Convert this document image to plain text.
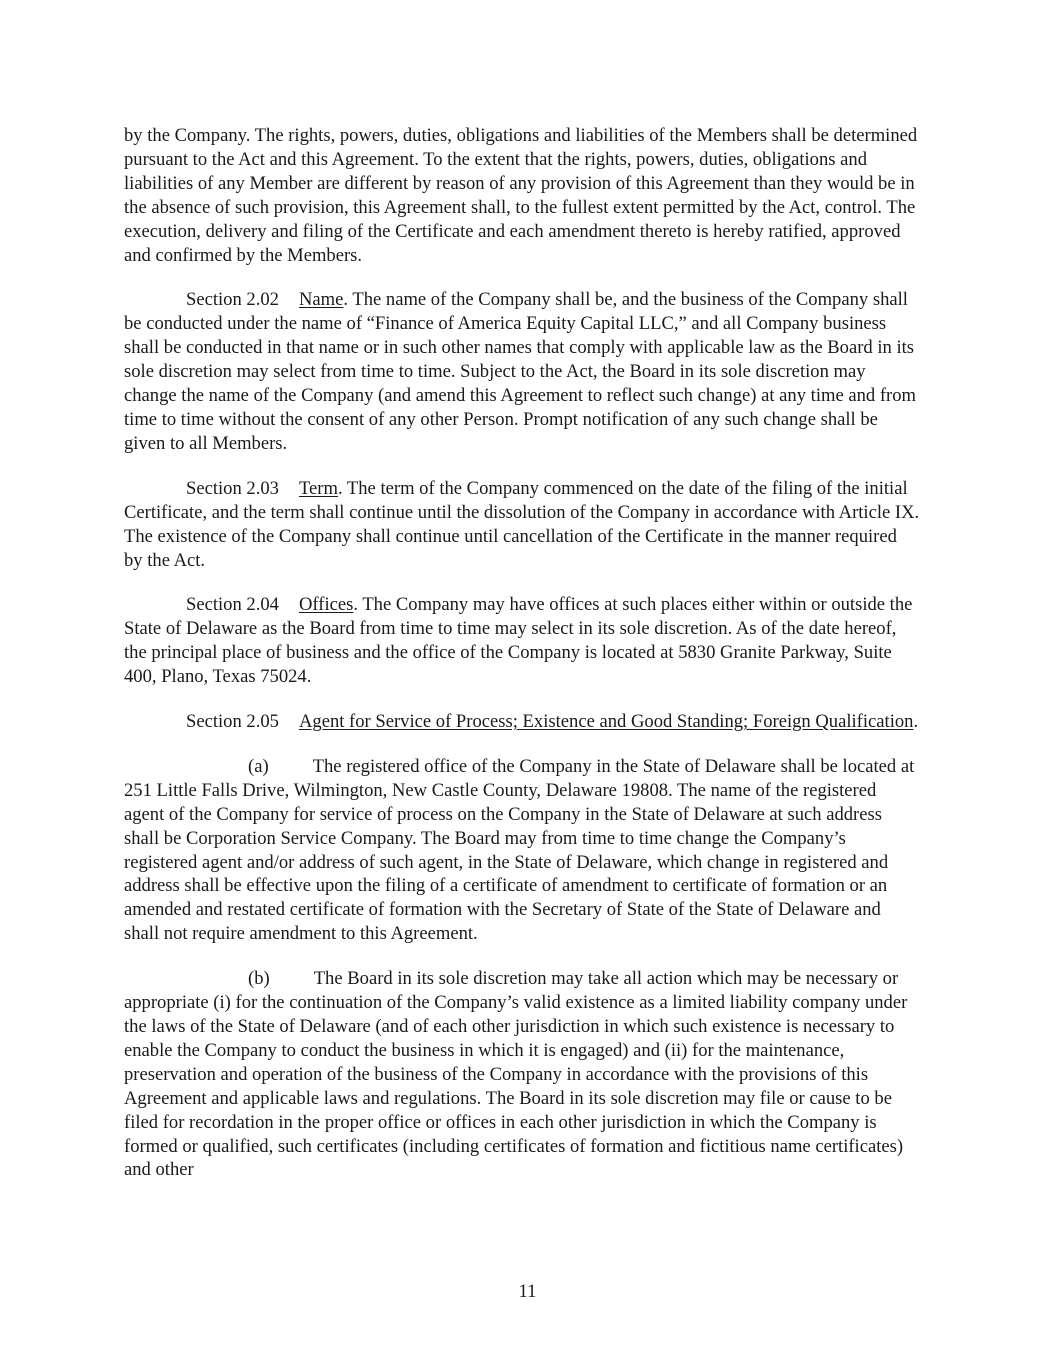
by the Company. The rights, powers, duties, obligations and liabilities of the Members shall be determined pursuant to the Act and this Agreement. To the extent that the rights, powers, duties, obligations and liabilities of any Member are different by reason of any provision of this Agreement than they would be in the absence of such provision, this Agreement shall, to the fullest extent permitted by the Act, control. The execution, delivery and filing of the Certificate and each amendment thereto is hereby ratified, approved and confirmed by the Members.

Section 2.02 Name. The name of the Company shall be, and the business of the Company shall be conducted under the name of “Finance of America Equity Capital LLC,” and all Company business shall be conducted in that name or in such other names that comply with applicable law as the Board in its sole discretion may select from time to time. Subject to the Act, the Board in its sole discretion may change the name of the Company (and amend this Agreement to reflect such change) at any time and from time to time without the consent of any other Person. Prompt notification of any such change shall be given to all Members.

Section 2.03 Term. The term of the Company commenced on the date of the filing of the initial Certificate, and the term shall continue until the dissolution of the Company in accordance with Article IX. The existence of the Company shall continue until cancellation of the Certificate in the manner required by the Act.

Section 2.04 Offices. The Company may have offices at such places either within or outside the State of Delaware as the Board from time to time may select in its sole discretion. As of the date hereof, the principal place of business and the office of the Company is located at 5830 Granite Parkway, Suite 400, Plano, Texas 75024.

Section 2.05 Agent for Service of Process; Existence and Good Standing; Foreign Qualification.

(a) The registered office of the Company in the State of Delaware shall be located at 251 Little Falls Drive, Wilmington, New Castle County, Delaware 19808. The name of the registered agent of the Company for service of process on the Company in the State of Delaware at such address shall be Corporation Service Company. The Board may from time to time change the Company’s registered agent and/or address of such agent, in the State of Delaware, which change in registered and address shall be effective upon the filing of a certificate of amendment to certificate of formation or an amended and restated certificate of formation with the Secretary of State of the State of Delaware and shall not require amendment to this Agreement.

(b) The Board in its sole discretion may take all action which may be necessary or appropriate (i) for the continuation of the Company’s valid existence as a limited liability company under the laws of the State of Delaware (and of each other jurisdiction in which such existence is necessary to enable the Company to conduct the business in which it is engaged) and (ii) for the maintenance, preservation and operation of the business of the Company in accordance with the provisions of this Agreement and applicable laws and regulations. The Board in its sole discretion may file or cause to be filed for recordation in the proper office or offices in each other jurisdiction in which the Company is formed or qualified, such certificates (including certificates of formation and fictitious name certificates) and other

11
